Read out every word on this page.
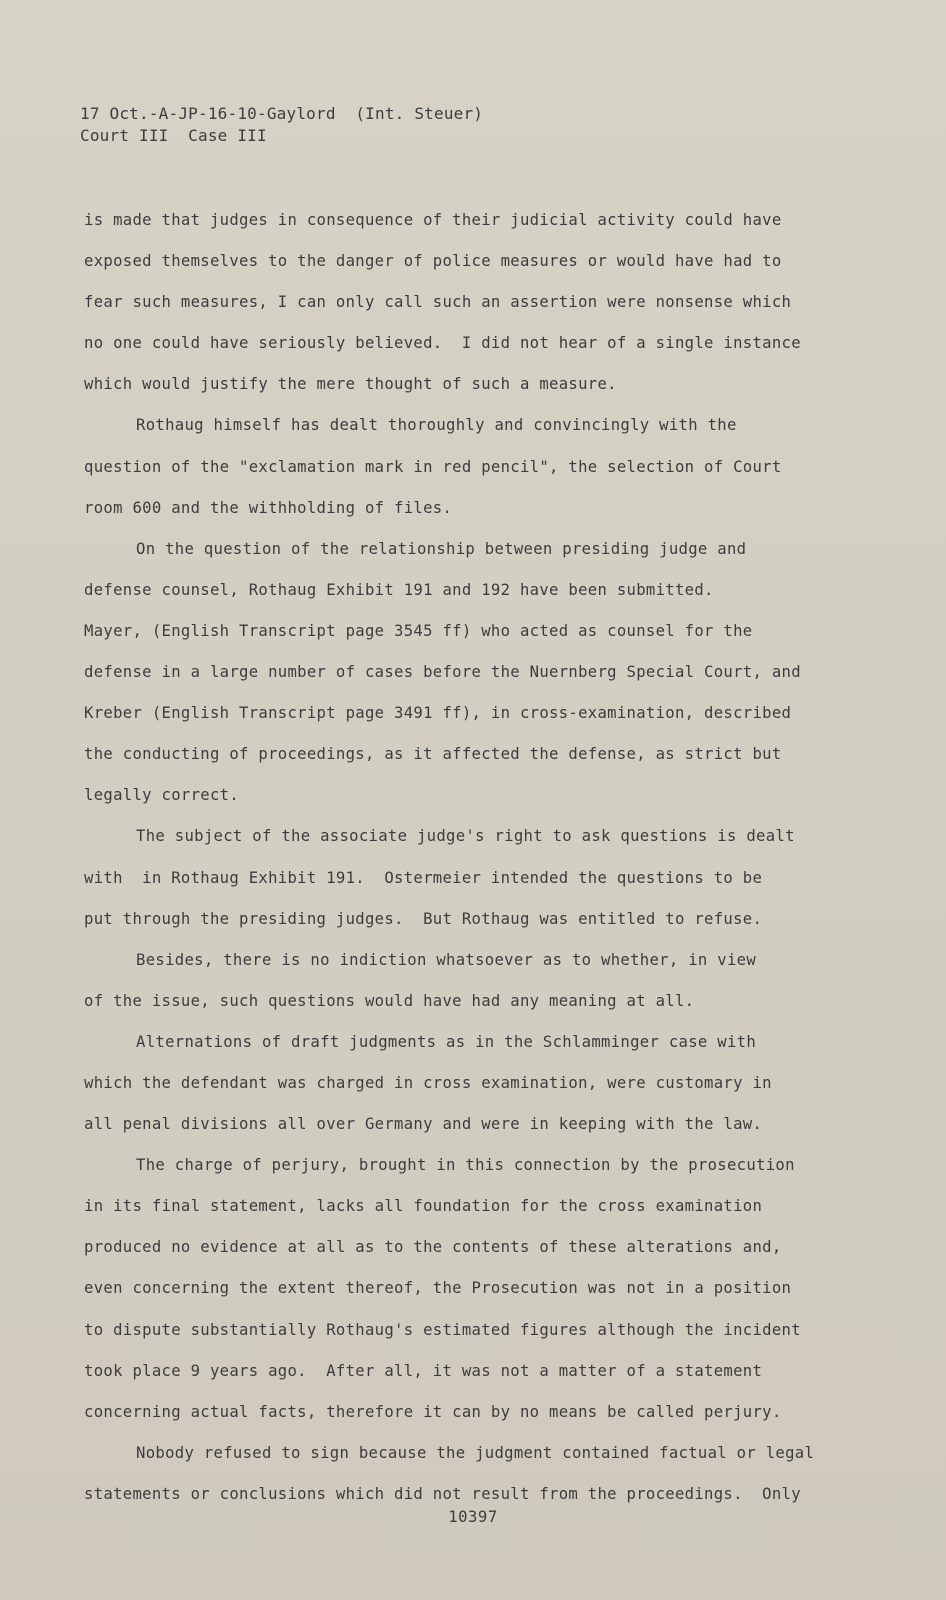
17 Oct.-A-JP-16-10-Gaylord  (Int. Steuer)
Court III  Case III
is made that judges in consequence of their judicial activity could have
exposed themselves to the danger of police measures or would have had to
fear such measures, I can only call such an assertion were nonsense which
no one could have seriously believed.  I did not hear of a single instance
which would justify the mere thought of such a measure.
Rothaug himself has dealt thoroughly and convincingly with the
question of the "exclamation mark in red pencil", the selection of Court
room 600 and the withholding of files.
On the question of the relationship between presiding judge and
defense counsel, Rothaug Exhibit 191 and 192 have been submitted.
Mayer, (English Transcript page 3545 ff) who acted as counsel for the
defense in a large number of cases before the Nuernberg Special Court, and
Kreber (English Transcript page 3491 ff), in cross-examination, described
the conducting of proceedings, as it affected the defense, as strict but
legally correct.
The subject of the associate judge's right to ask questions is dealt
with  in Rothaug Exhibit 191.  Ostermeier intended the questions to be
put through the presiding judges.  But Rothaug was entitled to refuse.
Besides, there is no indiction whatsoever as to whether, in view
of the issue, such questions would have had any meaning at all.
Alternations of draft judgments as in the Schlamminger case with
which the defendant was charged in cross examination, were customary in
all penal divisions all over Germany and were in keeping with the law.
The charge of perjury, brought in this connection by the prosecution
in its final statement, lacks all foundation for the cross examination
produced no evidence at all as to the contents of these alterations and,
even concerning the extent thereof, the Prosecution was not in a position
to dispute substantially Rothaug's estimated figures although the incident
took place 9 years ago.  After all, it was not a matter of a statement
concerning actual facts, therefore it can by no means be called perjury.
Nobody refused to sign because the judgment contained factual or legal
statements or conclusions which did not result from the proceedings.  Only
10397
